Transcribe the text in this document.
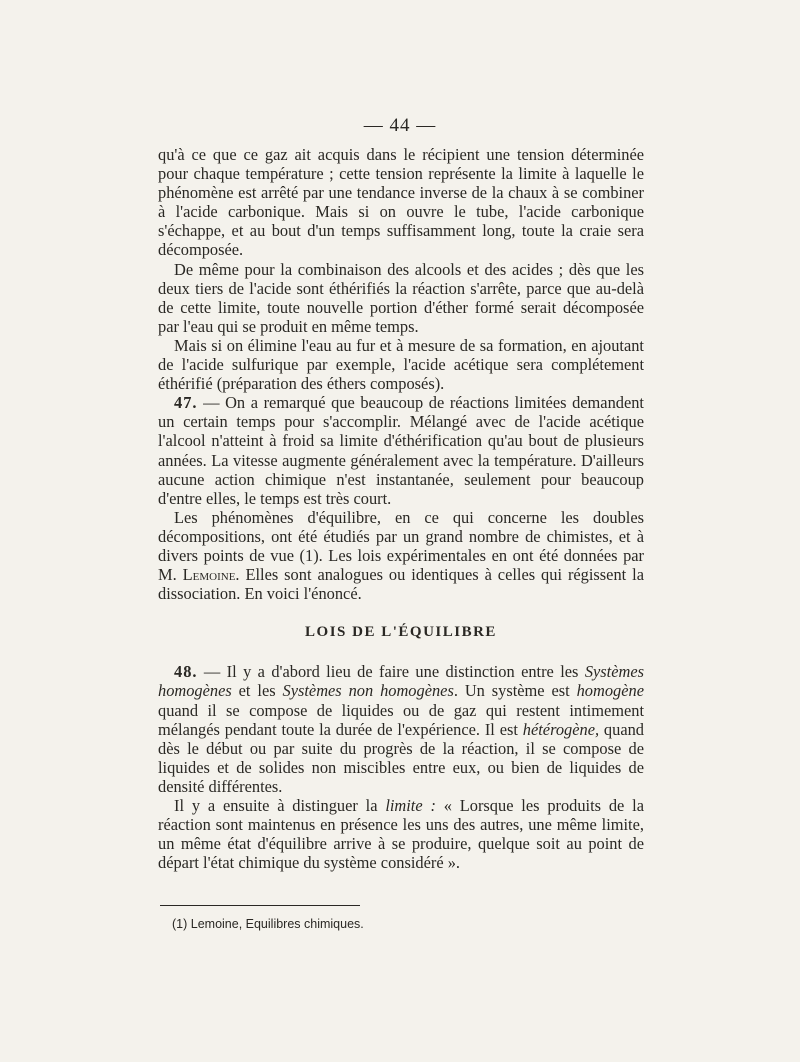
— 44 —

qu'à ce que ce gaz ait acquis dans le récipient une tension déterminée pour chaque température ; cette tension représente la limite à laquelle le phénomène est arrêté par une tendance inverse de la chaux à se combiner à l'acide carbonique. Mais si on ouvre le tube, l'acide carbonique s'échappe, et au bout d'un temps suffisamment long, toute la craie sera décomposée.

De même pour la combinaison des alcools et des acides ; dès que les deux tiers de l'acide sont éthérifiés la réaction s'arrête, parce que au-delà de cette limite, toute nouvelle portion d'éther formé serait décomposée par l'eau qui se produit en même temps.

Mais si on élimine l'eau au fur et à mesure de sa formation, en ajoutant de l'acide sulfurique par exemple, l'acide acétique sera complétement éthérifié (préparation des éthers composés).

47. — On a remarqué que beaucoup de réactions limitées demandent un certain temps pour s'accomplir. Mélangé avec de l'acide acétique l'alcool n'atteint à froid sa limite d'éthérification qu'au bout de plusieurs années. La vitesse augmente généralement avec la température. D'ailleurs aucune action chimique n'est instantanée, seulement pour beaucoup d'entre elles, le temps est très court.

Les phénomènes d'équilibre, en ce qui concerne les doubles décompositions, ont été étudiés par un grand nombre de chimistes, et à divers points de vue (1). Les lois expérimentales en ont été données par M. Lemoine. Elles sont analogues ou identiques à celles qui régissent la dissociation. En voici l'énoncé.

LOIS DE L'ÉQUILIBRE

48. — Il y a d'abord lieu de faire une distinction entre les Systèmes homogènes et les Systèmes non homogènes. Un système est homogène quand il se compose de liquides ou de gaz qui restent intimement mélangés pendant toute la durée de l'expérience. Il est hétérogène, quand dès le début ou par suite du progrès de la réaction, il se compose de liquides et de solides non miscibles entre eux, ou bien de liquides de densité différentes.

Il y a ensuite à distinguer la limite : « Lorsque les produits de la réaction sont maintenus en présence les uns des autres, une même limite, un même état d'équilibre arrive à se produire, quelque soit au point de départ l'état chimique du système considéré ».

(1) Lemoine, Equilibres chimiques.
